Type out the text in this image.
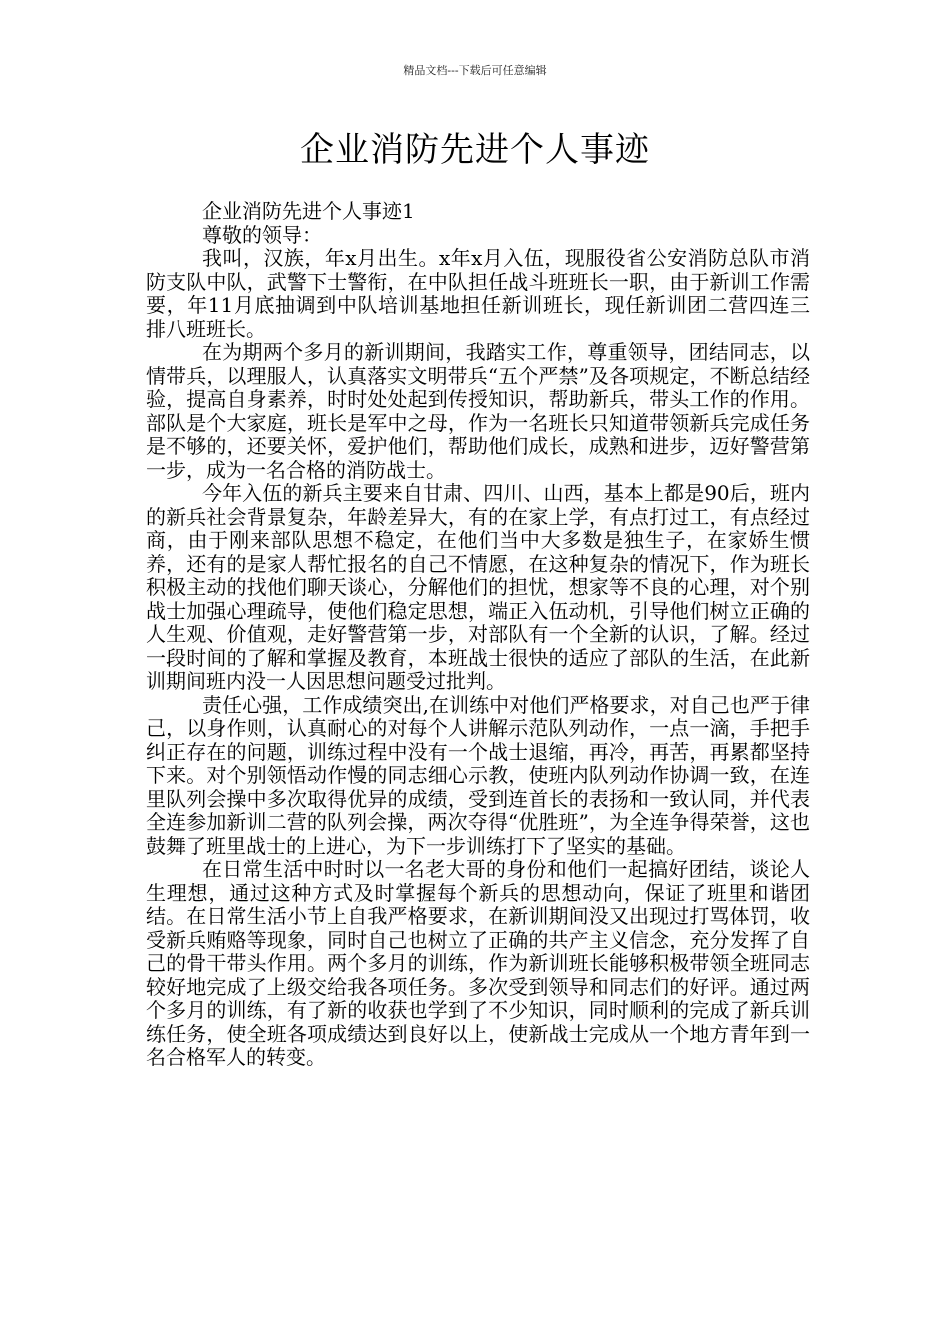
精品文档---下载后可任意编辑
企业消防先进个人事迹

企业消防先进个人事迹1

尊敬的领导：

我叫，汉族，年x月出生。x年x月入伍，现服役省公安消防总队市消防支队中队，武警下士警衔，在中队担任战斗班班长一职，由于新训工作需要，年11月底抽调到中队培训基地担任新训班长，现任新训团二营四连三排八班班长。

在为期两个多月的新训期间，我踏实工作，尊重领导，团结同志，以情带兵，以理服人，认真落实文明带兵“五个严禁”及各项规定，不断总结经验，提高自身素养，时时处处起到传授知识，帮助新兵，带头工作的作用。部队是个大家庭，班长是军中之母，作为一名班长只知道带领新兵完成任务是不够的，还要关怀，爱护他们，帮助他们成长，成熟和进步，迈好警营第一步，成为一名合格的消防战士。

今年入伍的新兵主要来自甘肃、四川、山西，基本上都是90后，班内的新兵社会背景复杂，年龄差异大，有的在家上学，有点打过工，有点经过商，由于刚来部队思想不稳定，在他们当中大多数是独生子，在家娇生惯养，还有的是家人帮忙报名的自己不情愿，在这种复杂的情况下，作为班长积极主动的找他们聊天谈心，分解他们的担忧，想家等不良的心理，对个别战士加强心理疏导，使他们稳定思想，端正入伍动机，引导他们树立正确的人生观、价值观，走好警营第一步，对部队有一个全新的认识，了解。经过一段时间的了解和掌握及教育，本班战士很快的适应了部队的生活，在此新训期间班内没一人因思想问题受过批判。

责任心强，工作成绩突出,在训练中对他们严格要求，对自己也严于律己，以身作则，认真耐心的对每个人讲解示范队列动作，一点一滴，手把手纠正存在的问题，训练过程中没有一个战士退缩，再冷，再苦，再累都坚持下来。对个别领悟动作慢的同志细心示教，使班内队列动作协调一致，在连里队列会操中多次取得优异的成绩，受到连首长的表扬和一致认同，并代表全连参加新训二营的队列会操，两次夺得“优胜班”，为全连争得荣誉，这也鼓舞了班里战士的上进心，为下一步训练打下了坚实的基础。

在日常生活中时时以一名老大哥的身份和他们一起搞好团结，谈论人生理想，通过这种方式及时掌握每个新兵的思想动向，保证了班里和谐团结。在日常生活小节上自我严格要求，在新训期间没又出现过打骂体罚，收受新兵贿赂等现象，同时自己也树立了正确的共产主义信念，充分发挥了自己的骨干带头作用。两个多月的训练，作为新训班长能够积极带领全班同志较好地完成了上级交给我各项任务。多次受到领导和同志们的好评。通过两个多月的训练，有了新的收获也学到了不少知识，同时顺利的完成了新兵训练任务，使全班各项成绩达到良好以上，使新战士完成从一个地方青年到一名合格军人的转变。
